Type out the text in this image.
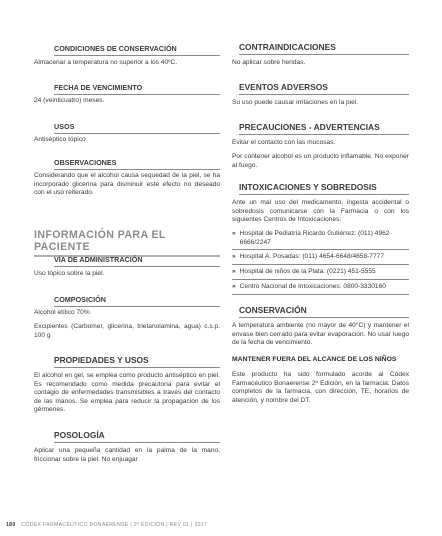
CONDICIONES DE CONSERVACIÓN

Almacenar a temperatura no superior a los 40ºC.

FECHA DE VENCIMIENTO

24 (veinticuatro) meses.

USOS

Antiséptico tópico

OBSERVACIONES

Considerando que el alcohol causa sequedad de la piel, se ha incorporado glicerina para disminuir este efecto no deseado con el uso reiterado.

INFORMACIÓN PARA EL PACIENTE
VÍA DE ADMINISTRACIÓN

Uso tópico sobre la piel.

COMPOSICIÓN

Alcohol etílico 70%

Excipientes (Carbomer, glicerina, trietanolamina, agua) c.s.p. 100 g

PROPIEDADES Y USOS

El alcohol en gel, se emplea como producto antiséptico en piel. Es recomendado como medida precautoria para evitar el contagio de enfermedades transmisibles a través del contacto de las manos. Se emplea para reducir la propagación de los gérmenes.

POSOLOGÍA

Aplicar una pequeña cantidad en la palma de la mano, friccionar sobre la piel. No enjuagar

CONTRAINDICACIONES

No aplicar sobre heridas.

EVENTOS ADVERSOS

Su uso puede causar irritaciones en la piel.

PRECAUCIONES - ADVERTENCIAS

Evitar el contacto con las mucosas.

Por contener alcohol es un producto inflamable. No exponer al fuego.

INTOXICACIONES Y SOBREDOSIS

Ante un mal uso del medicamento, ingesta accidental o sobredosis comunicarse con la Farmacia o con los siguientes Centros de Intoxicaciones:

» Hospital de Pediatría Ricardo Gutiérrez: (011) 4962-6666/2247
» Hospital A. Posadas: (011) 4654-6648/4658-7777
» Hospital de niños de la Plata: (0221) 451-5555
» Centro Nacional de Intoxicaciones: 0800-3330160
CONSERVACIÓN

A temperatura ambiente (no mayor de 40°C) y mantener el envase bien cerrado para evitar evaporación. No usar luego de la fecha de vencimiento.

MANTENER FUERA DEL ALCANCE DE LOS NIÑOS

Este producto ha sido formulado acorde al Códex Farmacéutico Bonaerense 2º Edición, en la farmacia: Datos completos de la farmacia, con dirección, TE, horarios de atención, y nombre del DT.

180 CÓDEX FARMACÉUTICO BONAERENSE | 2º EDICIÓN | REV 01 | 2017
